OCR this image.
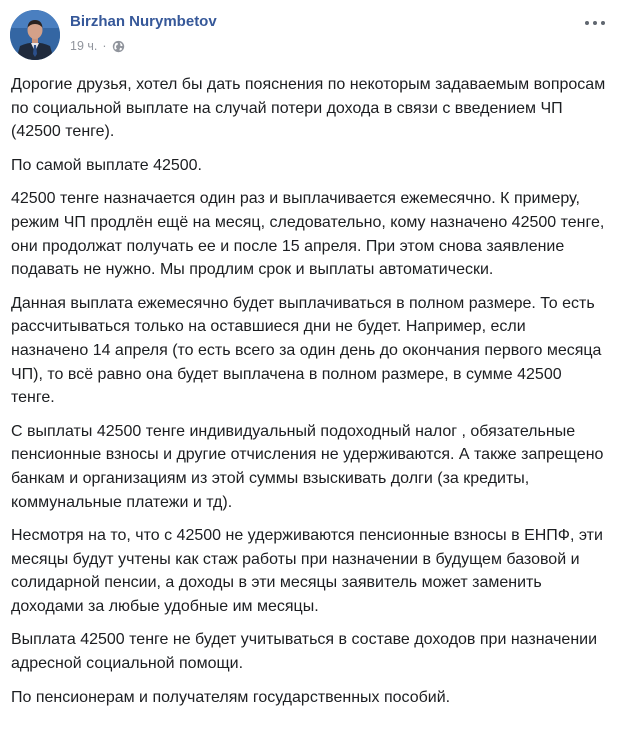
Birzhan Nurymbetov
19 ч. ·

Дорогие друзья, хотел бы дать пояснения по некоторым задаваемым вопросам по социальной выплате на случай потери дохода в связи с введением ЧП (42500 тенге).

По самой выплате 42500.

42500 тенге назначается один раз и выплачивается ежемесячно. К примеру, режим ЧП продлён ещё на месяц, следовательно, кому назначено 42500 тенге, они продолжат получать ее и после 15 апреля. При этом снова заявление подавать не нужно. Мы продлим срок и выплаты автоматически.

Данная выплата ежемесячно будет выплачиваться в полном размере. То есть рассчитываться только на оставшиеся дни не будет. Например, если назначено 14 апреля (то есть всего за один день до окончания первого месяца ЧП), то всё равно она будет выплачена в полном размере, в сумме 42500 тенге.

С выплаты 42500 тенге индивидуальный подоходный налог , обязательные пенсионные взносы и другие отчисления не удерживаются. А также запрещено банкам и организациям из этой суммы взыскивать долги (за кредиты, коммунальные платежи и тд).

Несмотря на то, что с 42500 не удерживаются пенсионные взносы в ЕНПФ, эти месяцы будут учтены как стаж работы при назначении в будущем базовой и солидарной пенсии, а доходы в эти месяцы заявитель может заменить доходами за любые удобные им месяцы.

Выплата 42500 тенге не будет учитываться в составе доходов при назначении адресной социальной помощи.

По пенсионерам и получателям государственных пособий.
